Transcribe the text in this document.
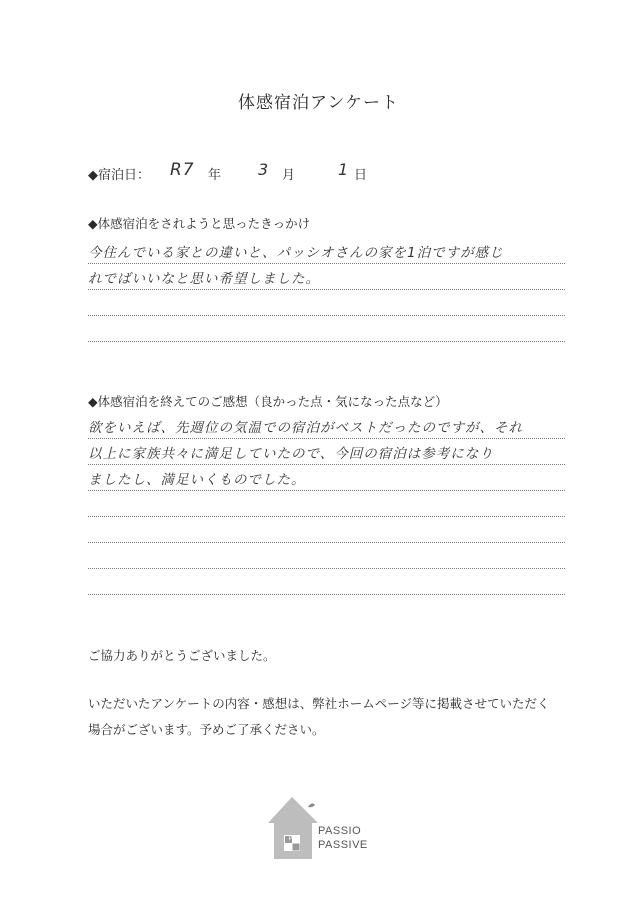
体感宿泊アンケート
◆宿泊日： R7 年 3 月	1 日
◆体感宿泊をされようと思ったきっかけ
今住んでいる家との違いと、パッシオさんの家を1泊ですが感じ
れでばいいなと思い希望しました。
◆体感宿泊を終えてのご感想（良かった点・気になった点など）
欲をいえば、先週位の気温での宿泊がベストだったのですが、それ
以上に家族共々に満足していたので、今回の宿泊は参考になり
ましたし、満足いくものでした。
ご協力ありがとうございました。
いただいたアンケートの内容・感想は、弊社ホームページ等に掲載させていただく
場合がございます。予めご了承ください。
PASSIO
PASSIVE
P P
